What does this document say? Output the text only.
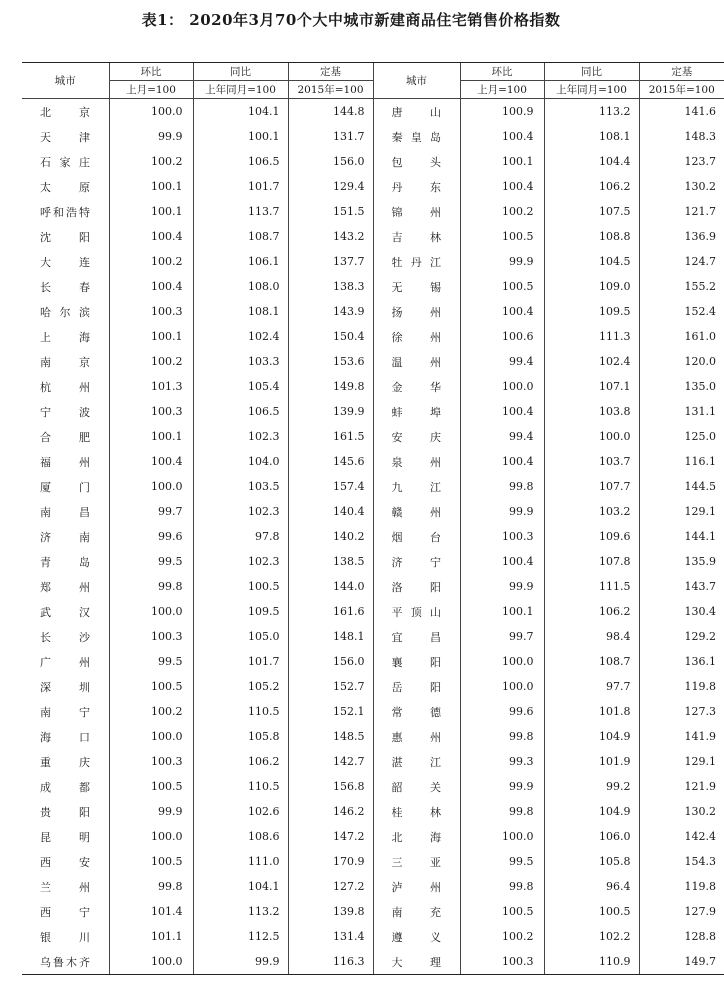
表1： 2020年3月70个大中城市新建商品住宅销售价格指数
城市	环比	同比	定基	城市	环比	同比	定基
	上月=100	上年同月=100	2015年=100		上月=100	上年同月=100	2015年=100
北　京	100.0	104.1	144.8	唐　山	100.9	113.2	141.6
天　津	99.9	100.1	131.7	秦皇岛	100.4	108.1	148.3
石家庄	100.2	106.5	156.0	包　头	100.1	104.4	123.7
太　原	100.1	101.7	129.4	丹　东	100.4	106.2	130.2
呼和浩特	100.1	113.7	151.5	锦　州	100.2	107.5	121.7
沈　阳	100.4	108.7	143.2	吉　林	100.5	108.8	136.9
大　连	100.2	106.1	137.7	牡丹江	99.9	104.5	124.7
长　春	100.4	108.0	138.3	无　锡	100.5	109.0	155.2
哈尔滨	100.3	108.1	143.9	扬　州	100.4	109.5	152.4
上　海	100.1	102.4	150.4	徐　州	100.6	111.3	161.0
南　京	100.2	103.3	153.6	温　州	99.4	102.4	120.0
杭　州	101.3	105.4	149.8	金　华	100.0	107.1	135.0
宁　波	100.3	106.5	139.9	蚌　埠	100.4	103.8	131.1
合　肥	100.1	102.3	161.5	安　庆	99.4	100.0	125.0
福　州	100.4	104.0	145.6	泉　州	100.4	103.7	116.1
厦　门	100.0	103.5	157.4	九　江	99.8	107.7	144.5
南　昌	99.7	102.3	140.4	赣　州	99.9	103.2	129.1
济　南	99.6	97.8	140.2	烟　台	100.3	109.6	144.1
青　岛	99.5	102.3	138.5	济　宁	100.4	107.8	135.9
郑　州	99.8	100.5	144.0	洛　阳	99.9	111.5	143.7
武　汉	100.0	109.5	161.6	平顶山	100.1	106.2	130.4
长　沙	100.3	105.0	148.1	宜　昌	99.7	98.4	129.2
广　州	99.5	101.7	156.0	襄　阳	100.0	108.7	136.1
深　圳	100.5	105.2	152.7	岳　阳	100.0	97.7	119.8
南　宁	100.2	110.5	152.1	常　德	99.6	101.8	127.3
海　口	100.0	105.8	148.5	惠　州	99.8	104.9	141.9
重　庆	100.3	106.2	142.7	湛　江	99.3	101.9	129.1
成　都	100.5	110.5	156.8	韶　关	99.9	99.2	121.9
贵　阳	99.9	102.6	146.2	桂　林	99.8	104.9	130.2
昆　明	100.0	108.6	147.2	北　海	100.0	106.0	142.4
西　安	100.5	111.0	170.9	三　亚	99.5	105.8	154.3
兰　州	99.8	104.1	127.2	泸　州	99.8	96.4	119.8
西　宁	101.4	113.2	139.8	南　充	100.5	100.5	127.9
银　川	101.1	112.5	131.4	遵　义	100.2	102.2	128.8
乌鲁木齐	100.0	99.9	116.3	大　理	100.3	110.9	149.7
